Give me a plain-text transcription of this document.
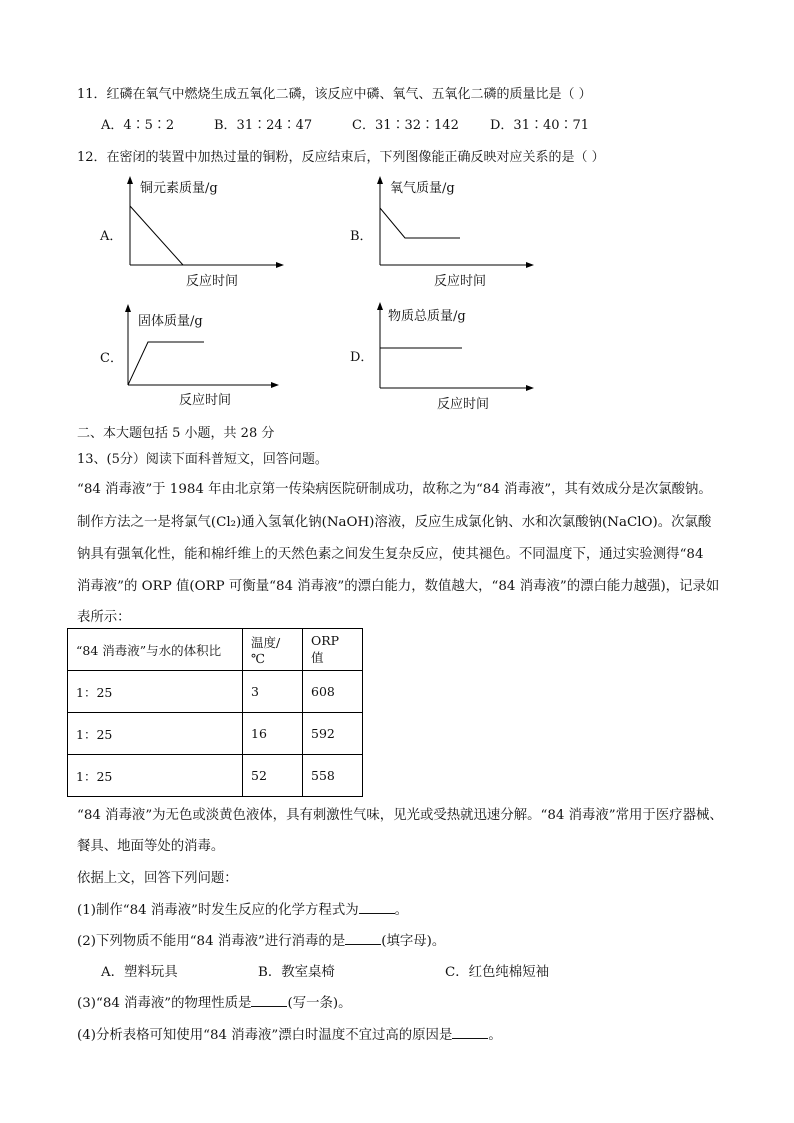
11．红磷在氧气中燃烧生成五氧化二磷，该反应中磷、氧气、五氧化二磷的质量比是（ ）
A．4∶5∶2	B．31∶24∶47	C．31∶32∶142 D．31∶40∶71
12．在密闭的装置中加热过量的铜粉，反应结束后，下列图像能正确反映对应关系的是（ ）
A．
铜元素质量/g
反应时间
B．
氧气质量/g
反应时间
C．
固体质量/g
反应时间
D．
物质总质量/g
反应时间
二、本大题包括 5 小题，共 28 分
13、(5分）阅读下面科普短文，回答问题。
“84 消毒液”于 1984 年由北京第一传染病医院研制成功，故称之为“84 消毒液”，其有效成分是次氯酸钠。
制作方法之一是将氯气(Cl₂)通入氢氧化钠(NaOH)溶液，反应生成氯化钠、水和次氯酸钠(NaClO)。次氯酸
钠具有强氧化性，能和棉纤维上的天然色素之间发生复杂反应，使其褪色。不同温度下，通过实验测得“84
消毒液”的 ORP 值(ORP 可衡量“84 消毒液”的漂白能力，数值越大，“84 消毒液”的漂白能力越强)，记录如
表所示：
“84 消毒液”与水的体积比	温度/℃	ORP 值
1：25	3	608
1：25	16	592
1：25	52	558
“84 消毒液”为无色或淡黄色液体，具有刺激性气味，见光或受热就迅速分解。“84 消毒液”常用于医疗器械、
餐具、地面等处的消毒。
依据上文，回答下列问题：
(1)制作“84 消毒液”时发生反应的化学方程式为	。
(2)下列物质不能用“84 消毒液”进行消毒的是	(填字母)。
A．塑料玩具	B．教室桌椅	C．红色纯棉短袖
(3)“84 消毒液”的物理性质是	(写一条)。
(4)分析表格可知使用“84 消毒液”漂白时温度不宜过高的原因是	。
